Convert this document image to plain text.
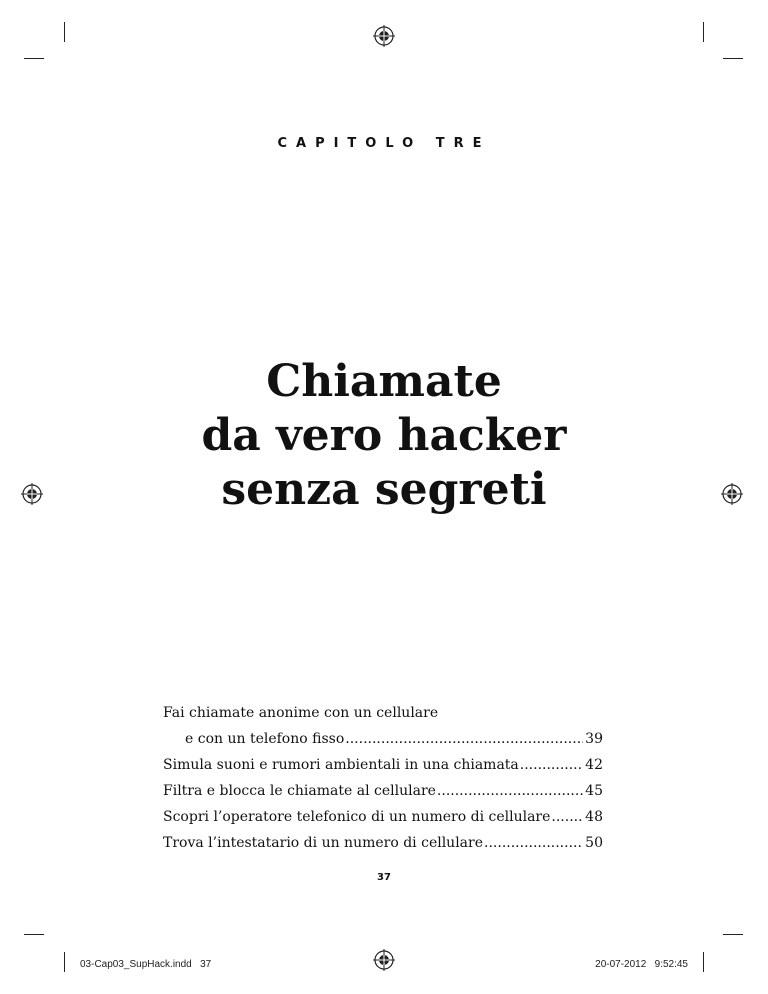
CAPITOLO TRE
Chiamate
da vero hacker
senza segreti
Fai chiamate anonime con un cellulare
e con un telefono fisso .....	39
Simula suoni e rumori ambientali in una chiamata .....	42
Filtra e blocca le chiamate al cellulare .....	45
Scopri l’operatore telefonico di un numero di cellulare ..... 48
Trova l’intestatario di un numero di cellulare .....	50
37
03-Cap03_SupHack.indd   37	20-07-2012   9:52:45
